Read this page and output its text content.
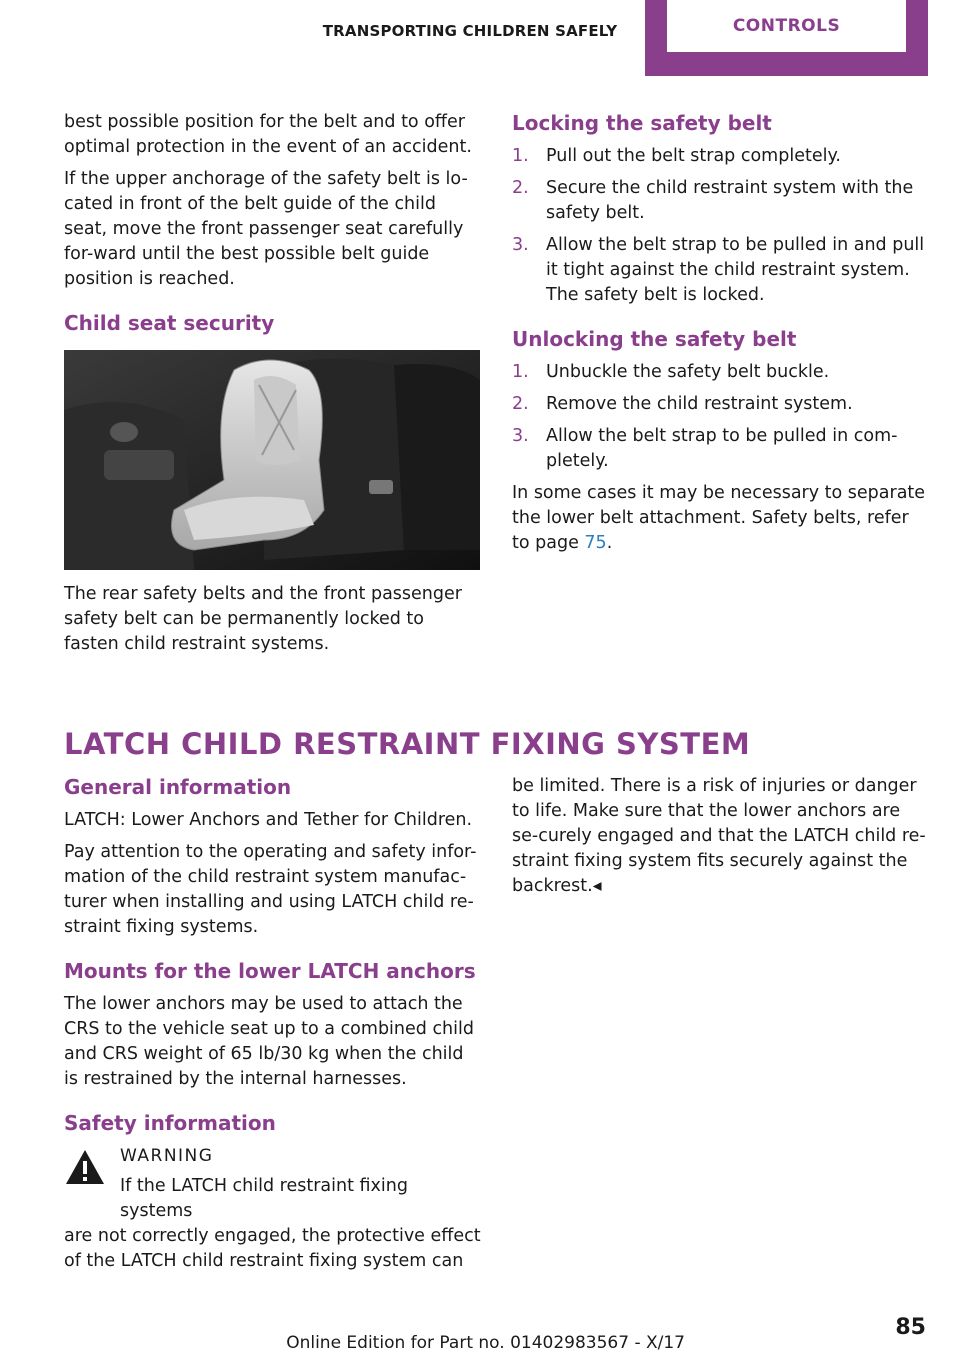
TRANSPORTING CHILDREN SAFELY	CONTROLS

best possible position for the belt and to offer optimal protection in the event of an accident.

If the upper anchorage of the safety belt is lo-cated in front of the belt guide of the child seat, move the front passenger seat carefully for-ward until the best possible belt guide position is reached.

Child seat security

The rear safety belts and the front passenger safety belt can be permanently locked to fasten child restraint systems.

Locking the safety belt
1. Pull out the belt strap completely.
2. Secure the child restraint system with the safety belt.
3. Allow the belt strap to be pulled in and pull it tight against the child restraint system. The safety belt is locked.
Unlocking the safety belt
1. Unbuckle the safety belt buckle.
2. Remove the child restraint system.
3. Allow the belt strap to be pulled in com-pletely.

In some cases it may be necessary to separate the lower belt attachment. Safety belts, refer to page 75.

LATCH CHILD RESTRAINT FIXING SYSTEM
General information

LATCH: Lower Anchors and Tether for Children.

Pay attention to the operating and safety infor-mation of the child restraint system manufac-turer when installing and using LATCH child re-straint fixing systems.

Mounts for the lower LATCH anchors

The lower anchors may be used to attach the CRS to the vehicle seat up to a combined child and CRS weight of 65 lb/30 kg when the child is restrained by the internal harnesses.

Safety information
WARNING

If the LATCH child restraint fixing systems

are not correctly engaged, the protective effect of the LATCH child restraint fixing system can

be limited. There is a risk of injuries or danger to life. Make sure that the lower anchors are se-curely engaged and that the LATCH child re-straint fixing system fits securely against the backrest.◂

85
Online Edition for Part no. 01402983567 - X/17
